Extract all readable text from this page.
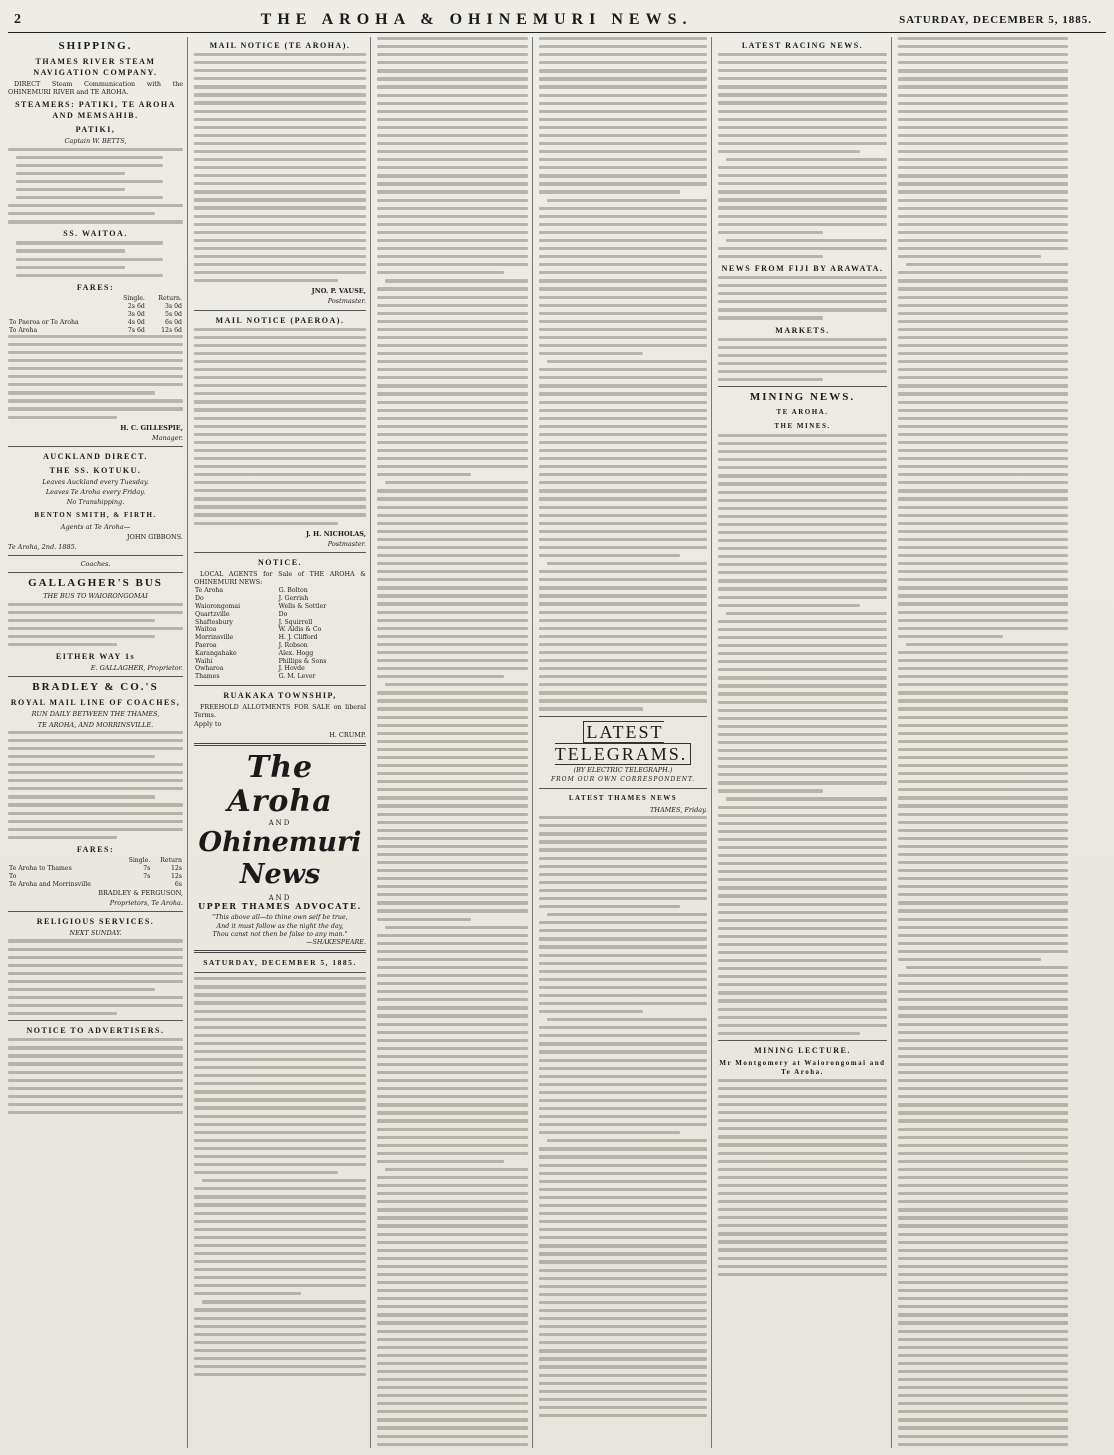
2	THE AROHA & OHINEMURI NEWS.	SATURDAY, DECEMBER 5, 1885.
SHIPPING.
THAMES RIVER STEAM NAVIGATION COMPANY.

DIRECT Steam Communication with the OHINEMURI RIVER and TE AROHA.

STEAMERS: PATIKI, TE AROHA AND MEMSAHIB.
PATIKI,
Captain W. BETTS,
SS. WAITOA.
FARES:
	Single.	Return.
	2s 6d	3s 0d
	3s 0d	5s 0d
To Paeroa or Te Aroha	4s 0d	6s 0d
To Aroha	7s 6d	12s 6d
H. C. GILLESPIE,
Manager.
AUCKLAND DIRECT.
THE SS. KOTUKU.
Leaves Auckland every Tuesday.
Leaves Te Aroha every Friday.
No Transhipping.
BENTON SMITH, & FIRTH.
Agents at Te Aroha—
JOHN GIBBONS.
Te Aroha, 2nd. 1885.
Coaches.
GALLAGHER'S BUS
THE BUS TO WAIORONGOMAI
EITHER WAY 1s
E. GALLAGHER, Proprietor.
BRADLEY & CO.'S
ROYAL MAIL LINE OF COACHES,
RUN DAILY BETWEEN THE THAMES,
TE AROHA, AND MORRINSVILLE.
FARES:
	Single.	Return
Te Aroha to Thames	7s	12s
To	7s	12s
Te Aroha and Morrinsville		6s
BRADLEY & FERGUSON,
Proprietors, Te Aroha.
RELIGIOUS SERVICES.
NEXT SUNDAY.
NOTICE TO ADVERTISERS.
MAIL NOTICE (TE AROHA).
JNO. P. VAUSE,
Postmaster.
MAIL NOTICE (PAEROA).
J. H. NICHOLAS,
Postmaster.
NOTICE.

LOCAL AGENTS for Sale of THE AROHA & OHINEMURI NEWS:

Te Aroha	G. Bolton
Do	J. Gerrish
Waiorongomai	Wells & Sottler
Quartzville	Do
Shaftesbury	J. Squirrell
Waitoa	W. Aldis & Co
Morrinsville	H. J. Clifford
Paeroa	J. Robson
Karangahake	Alex. Hogg
Waihi	Phillips & Sons
Owharoa	J. Hovde
Thames	G. M. Lever
RUAKAKA TOWNSHIP,

FREEHOLD ALLOTMENTS FOR SALE on liberal Terms.

Apply to
H. CRUMP.
The Aroha
AND
Ohinemuri News
AND
UPPER THAMES ADVOCATE.
"This above all—to thine own self be true,
And it must follow as the night the day,
Thou canst not then be false to any man."
—SHAKESPEARE.
SATURDAY, DECEMBER 5, 1885.
LATEST TELEGRAMS.
(BY ELECTRIC TELEGRAPH.)
FROM OUR OWN CORRESPONDENT.
LATEST THAMES NEWS
THAMES, Friday.
LATEST RACING NEWS.
NEWS FROM FIJI BY ARAWATA.
MARKETS.
MINING NEWS.
TE AROHA.
THE MINES.
MINING LECTURE.
Mr Montgomery at Waiorongomai and Te Aroha.
